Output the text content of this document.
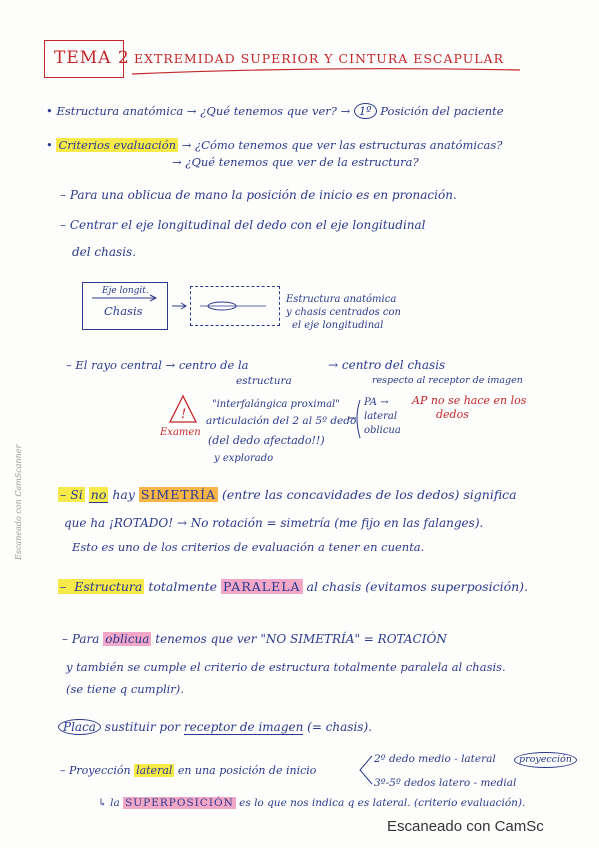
TEMA 2 EXTREMIDAD SUPERIOR Y CINTURA ESCAPULAR
• Estructura anatómica → ¿Qué tenemos que ver? → 1º Posición del paciente
• Criterios evaluación → ¿Cómo tenemos que ver las estructuras anatómicas?
→ ¿Qué tenemos que ver de la estructura?
– Para una oblicua de mano la posición de inicio es en pronación.
– Centrar el eje longitudinal del dedo con el eje longitudinal
del chasis.
Eje longit.
Chasis
Estructura anatómica
y chasis centrados con
el eje longitudinal
– El rayo central → centro de la
estructura
→ centro del chasis
respecto al receptor de imagen
!
Examen
"interfalángica proximal"
articulación del 2 al 5º dedo
(del dedo afectado!!)
y explorado
PA →
lateral
oblicua
AP no se hace en los
dedos
– Si no hay SIMETRÍA (entre las concavidades de los dedos) significa
que ha ¡ROTADO! → No rotación = simetría (me fijo en las falanges).
Esto es uno de los criterios de evaluación a tener en cuenta.
– Estructura totalmente PARALELA al chasis (evitamos superposición).
– Para oblicua tenemos que ver "NO SIMETRÍA" = ROTACIÓN
y también se cumple el criterio de estructura totalmente paralela al chasis.
(se tiene q cumplir).
Placa sustituir por receptor de imagen (= chasis).
– Proyección lateral en una posición de inicio
2º dedo medio - lateral	proyección
3º-5º dedos latero - medial
↳ la SUPERPOSICIÓN es lo que nos indica q es lateral. (criterio evaluación).
Escaneado con CamScanner
Escaneado con CamSc
